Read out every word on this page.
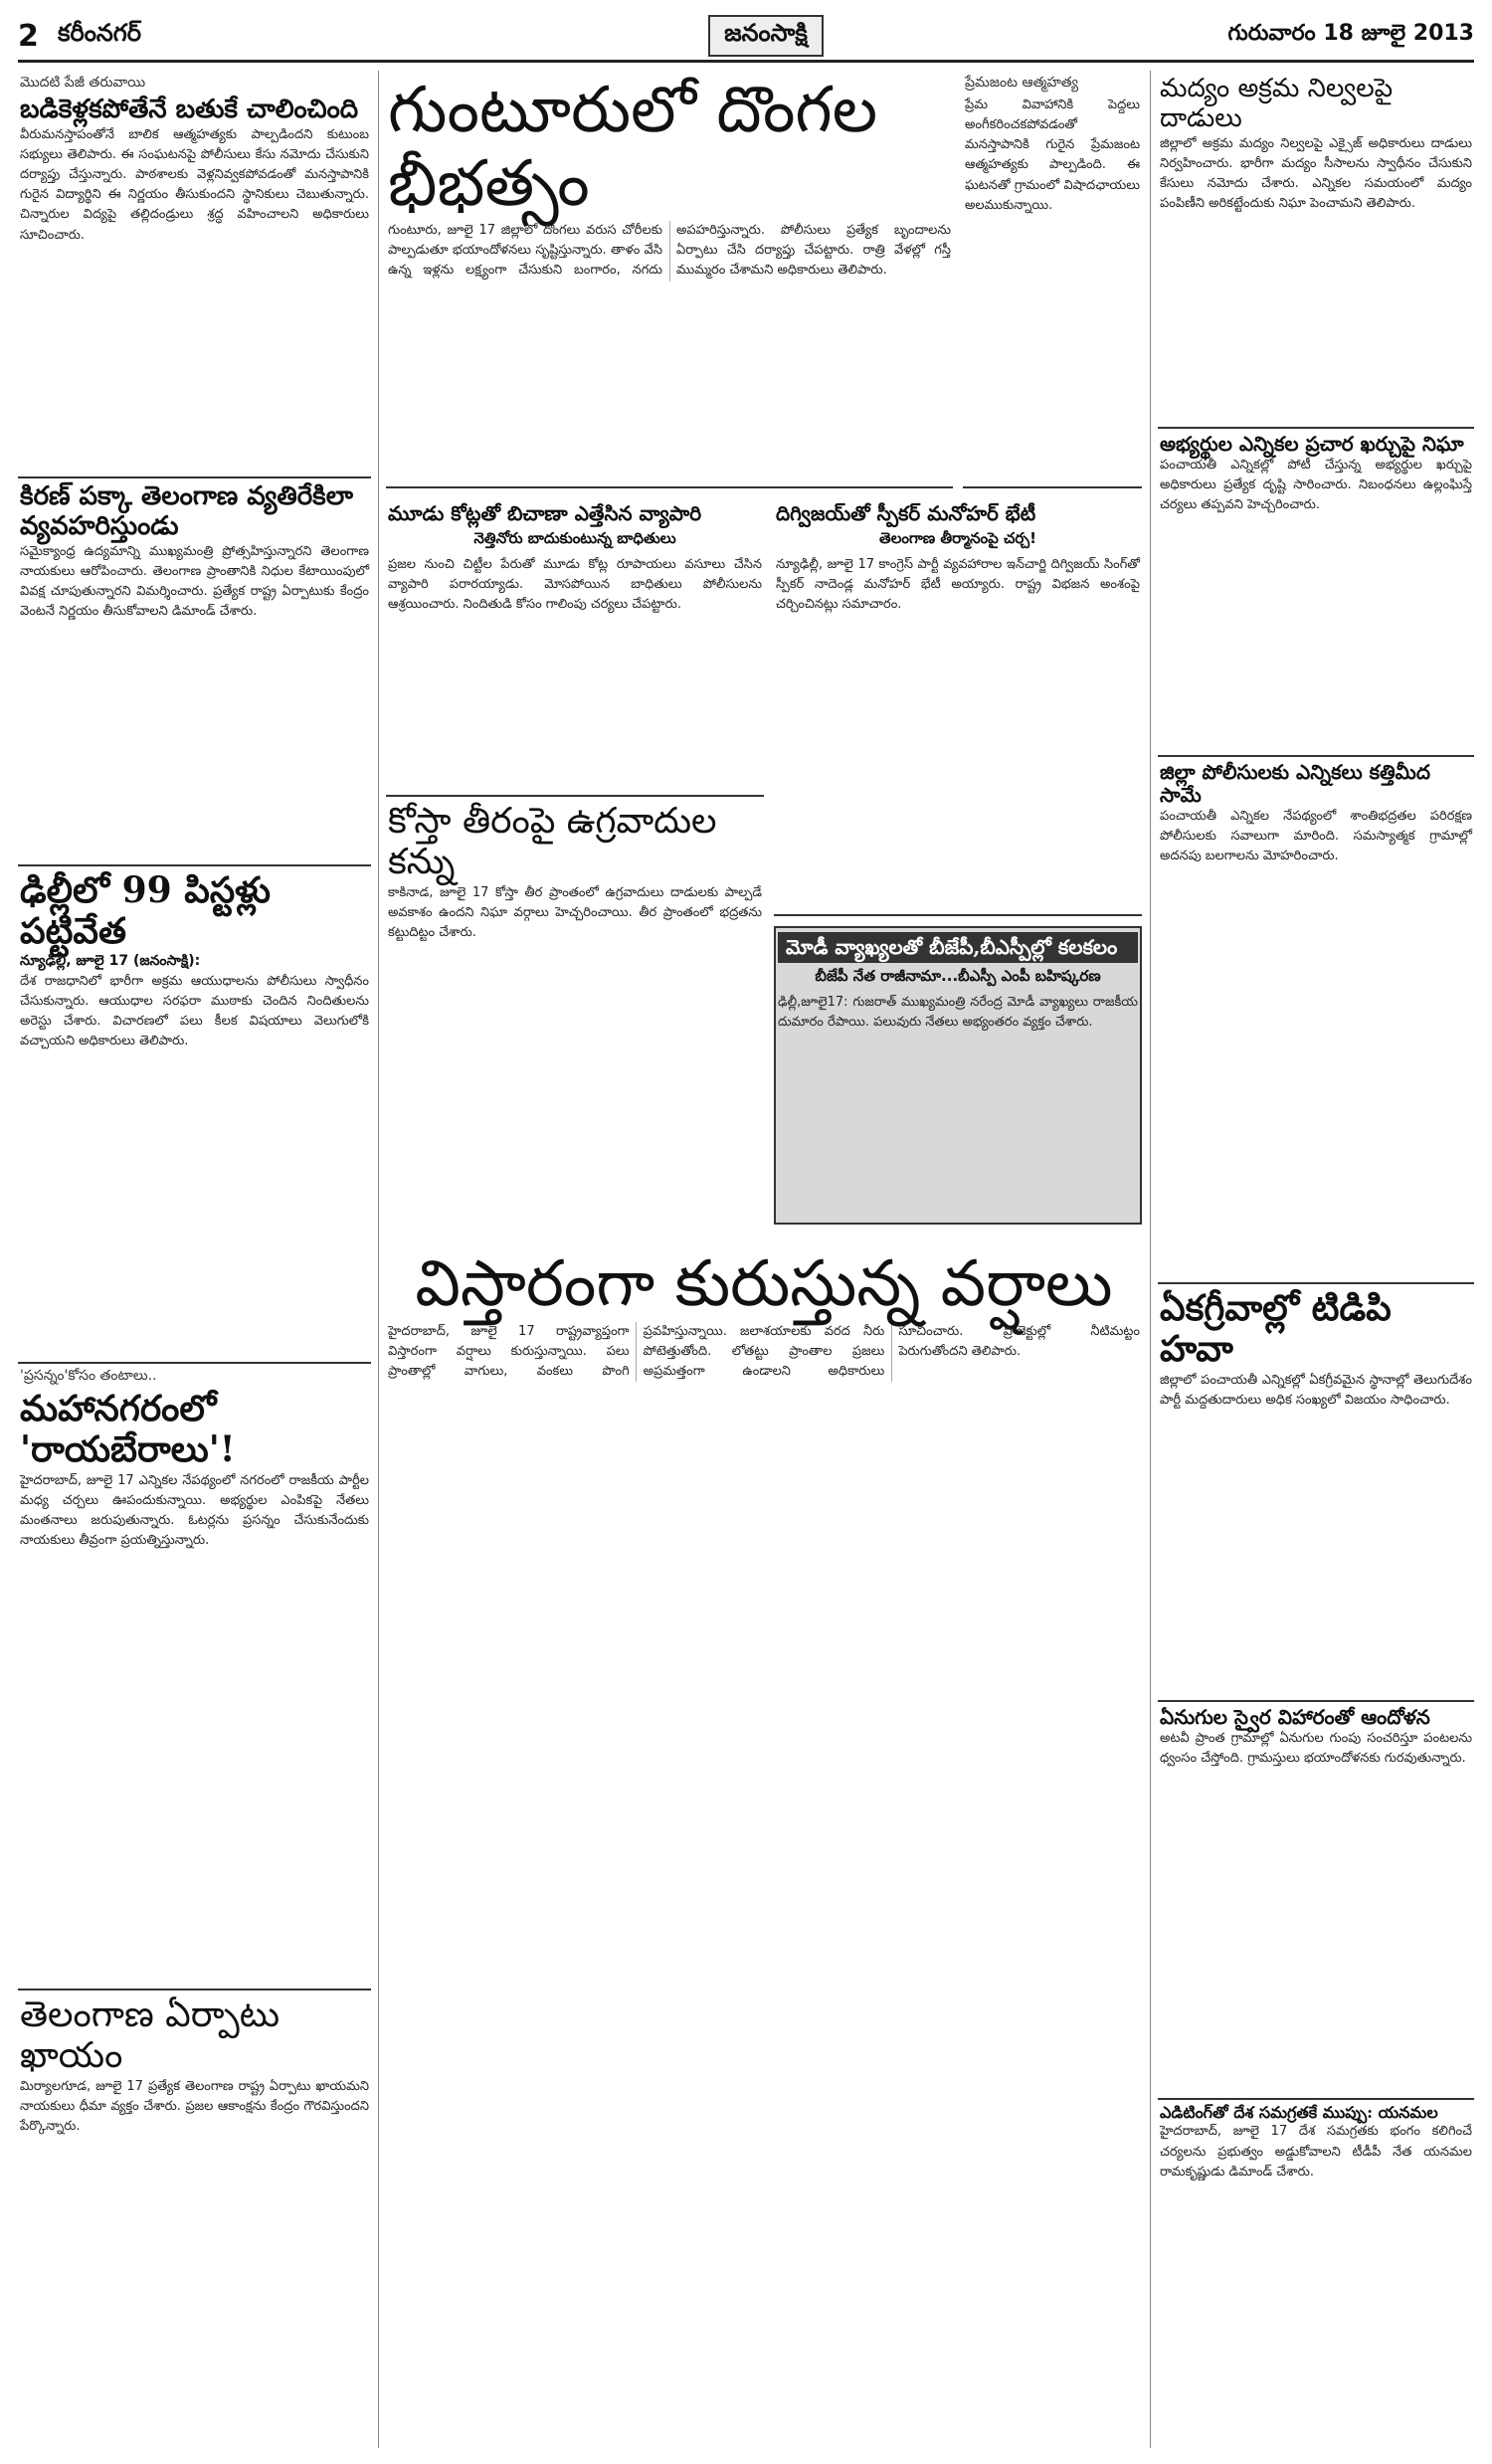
2 కరీంనగర్	జనంసాక్షి	గురువారం 18 జూలై 2013
మొదటి పేజీ తరువాయి
బడికెళ్లకపోతేనే బతుకే చాలించింది
వీరుమనస్తాపంతోనే బాలిక ఆత్మహత్యకు పాల్పడిందని కుటుంబ సభ్యులు తెలిపారు. ఈ సంఘటనపై పోలీసులు కేసు నమోదు చేసుకుని దర్యాప్తు చేస్తున్నారు. పాఠశాలకు వెళ్లనివ్వకపోవడంతో మనస్తాపానికి గురైన విద్యార్థిని ఈ నిర్ణయం తీసుకుందని స్థానికులు చెబుతున్నారు. చిన్నారుల విద్యపై తల్లిదండ్రులు శ్రద్ధ వహించాలని అధికారులు సూచించారు.
కిరణ్ పక్కా తెలంగాణ వ్యతిరేకిలా వ్యవహరిస్తుండు
సమైక్యాంధ్ర ఉద్యమాన్ని ముఖ్యమంత్రి ప్రోత్సహిస్తున్నారని తెలంగాణ నాయకులు ఆరోపించారు. తెలంగాణ ప్రాంతానికి నిధుల కేటాయింపులో వివక్ష చూపుతున్నారని విమర్శించారు. ప్రత్యేక రాష్ట్ర ఏర్పాటుకు కేంద్రం వెంటనే నిర్ణయం తీసుకోవాలని డిమాండ్ చేశారు.
ఢిల్లీలో 99 పిస్టళ్లు పట్టివేత
న్యూఢిల్లీ, జూలై 17 (జనంసాక్షి):
దేశ రాజధానిలో భారీగా అక్రమ ఆయుధాలను పోలీసులు స్వాధీనం చేసుకున్నారు. ఆయుధాల సరఫరా ముఠాకు చెందిన నిందితులను అరెస్టు చేశారు. విచారణలో పలు కీలక విషయాలు వెలుగులోకి వచ్చాయని అధికారులు తెలిపారు.
'ప్రసన్నం'కోసం తంటాలు..
మహానగరంలో 'రాయబేరాలు'!
హైదరాబాద్, జూలై 17 ఎన్నికల నేపథ్యంలో నగరంలో రాజకీయ పార్టీల మధ్య చర్చలు ఊపందుకున్నాయి. అభ్యర్థుల ఎంపికపై నేతలు మంతనాలు జరుపుతున్నారు. ఓటర్లను ప్రసన్నం చేసుకునేందుకు నాయకులు తీవ్రంగా ప్రయత్నిస్తున్నారు.
తెలంగాణ ఏర్పాటు ఖాయం
మిర్యాలగూడ, జూలై 17 ప్రత్యేక తెలంగాణ రాష్ట్ర ఏర్పాటు ఖాయమని నాయకులు ధీమా వ్యక్తం చేశారు. ప్రజల ఆకాంక్షను కేంద్రం గౌరవిస్తుందని పేర్కొన్నారు.
గుంటూరులో దొంగల భీభత్సం
గుంటూరు, జూలై 17 జిల్లాలో దొంగలు వరుస చోరీలకు పాల్పడుతూ భయాందోళనలు సృష్టిస్తున్నారు. తాళం వేసి ఉన్న ఇళ్లను లక్ష్యంగా చేసుకుని బంగారం, నగదు అపహరిస్తున్నారు. పోలీసులు ప్రత్యేక బృందాలను ఏర్పాటు చేసి దర్యాప్తు చేపట్టారు. రాత్రి వేళల్లో గస్తీ ముమ్మరం చేశామని అధికారులు తెలిపారు.
ప్రేమజంట ఆత్మహత్య
ప్రేమ వివాహానికి పెద్దలు అంగీకరించకపోవడంతో మనస్తాపానికి గురైన ప్రేమజంట ఆత్మహత్యకు పాల్పడింది. ఈ ఘటనతో గ్రామంలో విషాదఛాయలు అలముకున్నాయి.
మూడు కోట్లతో బిచాణా ఎత్తేసిన వ్యాపారి
నెత్తినోరు బాదుకుంటున్న బాధితులు
ప్రజల నుంచి చిట్టీల పేరుతో మూడు కోట్ల రూపాయలు వసూలు చేసిన వ్యాపారి పరారయ్యాడు. మోసపోయిన బాధితులు పోలీసులను ఆశ్రయించారు. నిందితుడి కోసం గాలింపు చర్యలు చేపట్టారు.
కోస్తా తీరంపై ఉగ్రవాదుల కన్ను
కాకినాడ, జూలై 17 కోస్తా తీర ప్రాంతంలో ఉగ్రవాదులు దాడులకు పాల్పడే అవకాశం ఉందని నిఘా వర్గాలు హెచ్చరించాయి. తీర ప్రాంతంలో భద్రతను కట్టుదిట్టం చేశారు.
దిగ్విజయ్‌తో స్పీకర్ మనోహర్ భేటీ
తెలంగాణ తీర్మానంపై చర్చ!
న్యూఢిల్లీ, జూలై 17 కాంగ్రెస్ పార్టీ వ్యవహారాల ఇన్‌చార్జి దిగ్విజయ్ సింగ్‌తో స్పీకర్ నాదెండ్ల మనోహర్ భేటీ అయ్యారు. రాష్ట్ర విభజన అంశంపై చర్చించినట్లు సమాచారం.
మోడీ వ్యాఖ్యలతో బీజేపీ,బీఎస్పీల్లో కలకలం
బీజేపీ నేత రాజీనామా...బీఎస్పీ ఎంపీ బహిష్కరణ
ఢిల్లీ,జూలై17: గుజరాత్ ముఖ్యమంత్రి నరేంద్ర మోడీ వ్యాఖ్యలు రాజకీయ దుమారం రేపాయి. పలువురు నేతలు అభ్యంతరం వ్యక్తం చేశారు.
విస్తారంగా కురుస్తున్న వర్షాలు
హైదరాబాద్, జూలై 17 రాష్ట్రవ్యాప్తంగా విస్తారంగా వర్షాలు కురుస్తున్నాయి. పలు ప్రాంతాల్లో వాగులు, వంకలు పొంగి ప్రవహిస్తున్నాయి. జలాశయాలకు వరద నీరు పోటెత్తుతోంది. లోతట్టు ప్రాంతాల ప్రజలు అప్రమత్తంగా ఉండాలని అధికారులు సూచించారు. ప్రాజెక్టుల్లో నీటిమట్టం పెరుగుతోందని తెలిపారు.
మద్యం అక్రమ నిల్వలపై దాడులు
జిల్లాలో అక్రమ మద్యం నిల్వలపై ఎక్సైజ్ అధికారులు దాడులు నిర్వహించారు. భారీగా మద్యం సీసాలను స్వాధీనం చేసుకుని కేసులు నమోదు చేశారు. ఎన్నికల సమయంలో మద్యం పంపిణీని అరికట్టేందుకు నిఘా పెంచామని తెలిపారు.
అభ్యర్థుల ఎన్నికల ప్రచార ఖర్చుపై నిఘా
పంచాయతీ ఎన్నికల్లో పోటీ చేస్తున్న అభ్యర్థుల ఖర్చుపై అధికారులు ప్రత్యేక దృష్టి సారించారు. నిబంధనలు ఉల్లంఘిస్తే చర్యలు తప్పవని హెచ్చరించారు.
జిల్లా పోలీసులకు ఎన్నికలు కత్తిమీద సామే
పంచాయతీ ఎన్నికల నేపథ్యంలో శాంతిభద్రతల పరిరక్షణ పోలీసులకు సవాలుగా మారింది. సమస్యాత్మక గ్రామాల్లో అదనపు బలగాలను మోహరించారు.
ఏకగ్రీవాల్లో టిడిపి హవా
జిల్లాలో పంచాయతీ ఎన్నికల్లో ఏకగ్రీవమైన స్థానాల్లో తెలుగుదేశం పార్టీ మద్దతుదారులు అధిక సంఖ్యలో విజయం సాధించారు.
ఏనుగుల స్వైర విహారంతో ఆందోళన
అటవీ ప్రాంత గ్రామాల్లో ఏనుగుల గుంపు సంచరిస్తూ పంటలను ధ్వంసం చేస్తోంది. గ్రామస్తులు భయాందోళనకు గురవుతున్నారు.
ఎడిటింగ్‌తో దేశ సమగ్రతకే ముప్పు: యనమల
హైదరాబాద్, జూలై 17 దేశ సమగ్రతకు భంగం కలిగించే చర్యలను ప్రభుత్వం అడ్డుకోవాలని టీడీపీ నేత యనమల రామకృష్ణుడు డిమాండ్ చేశారు.
